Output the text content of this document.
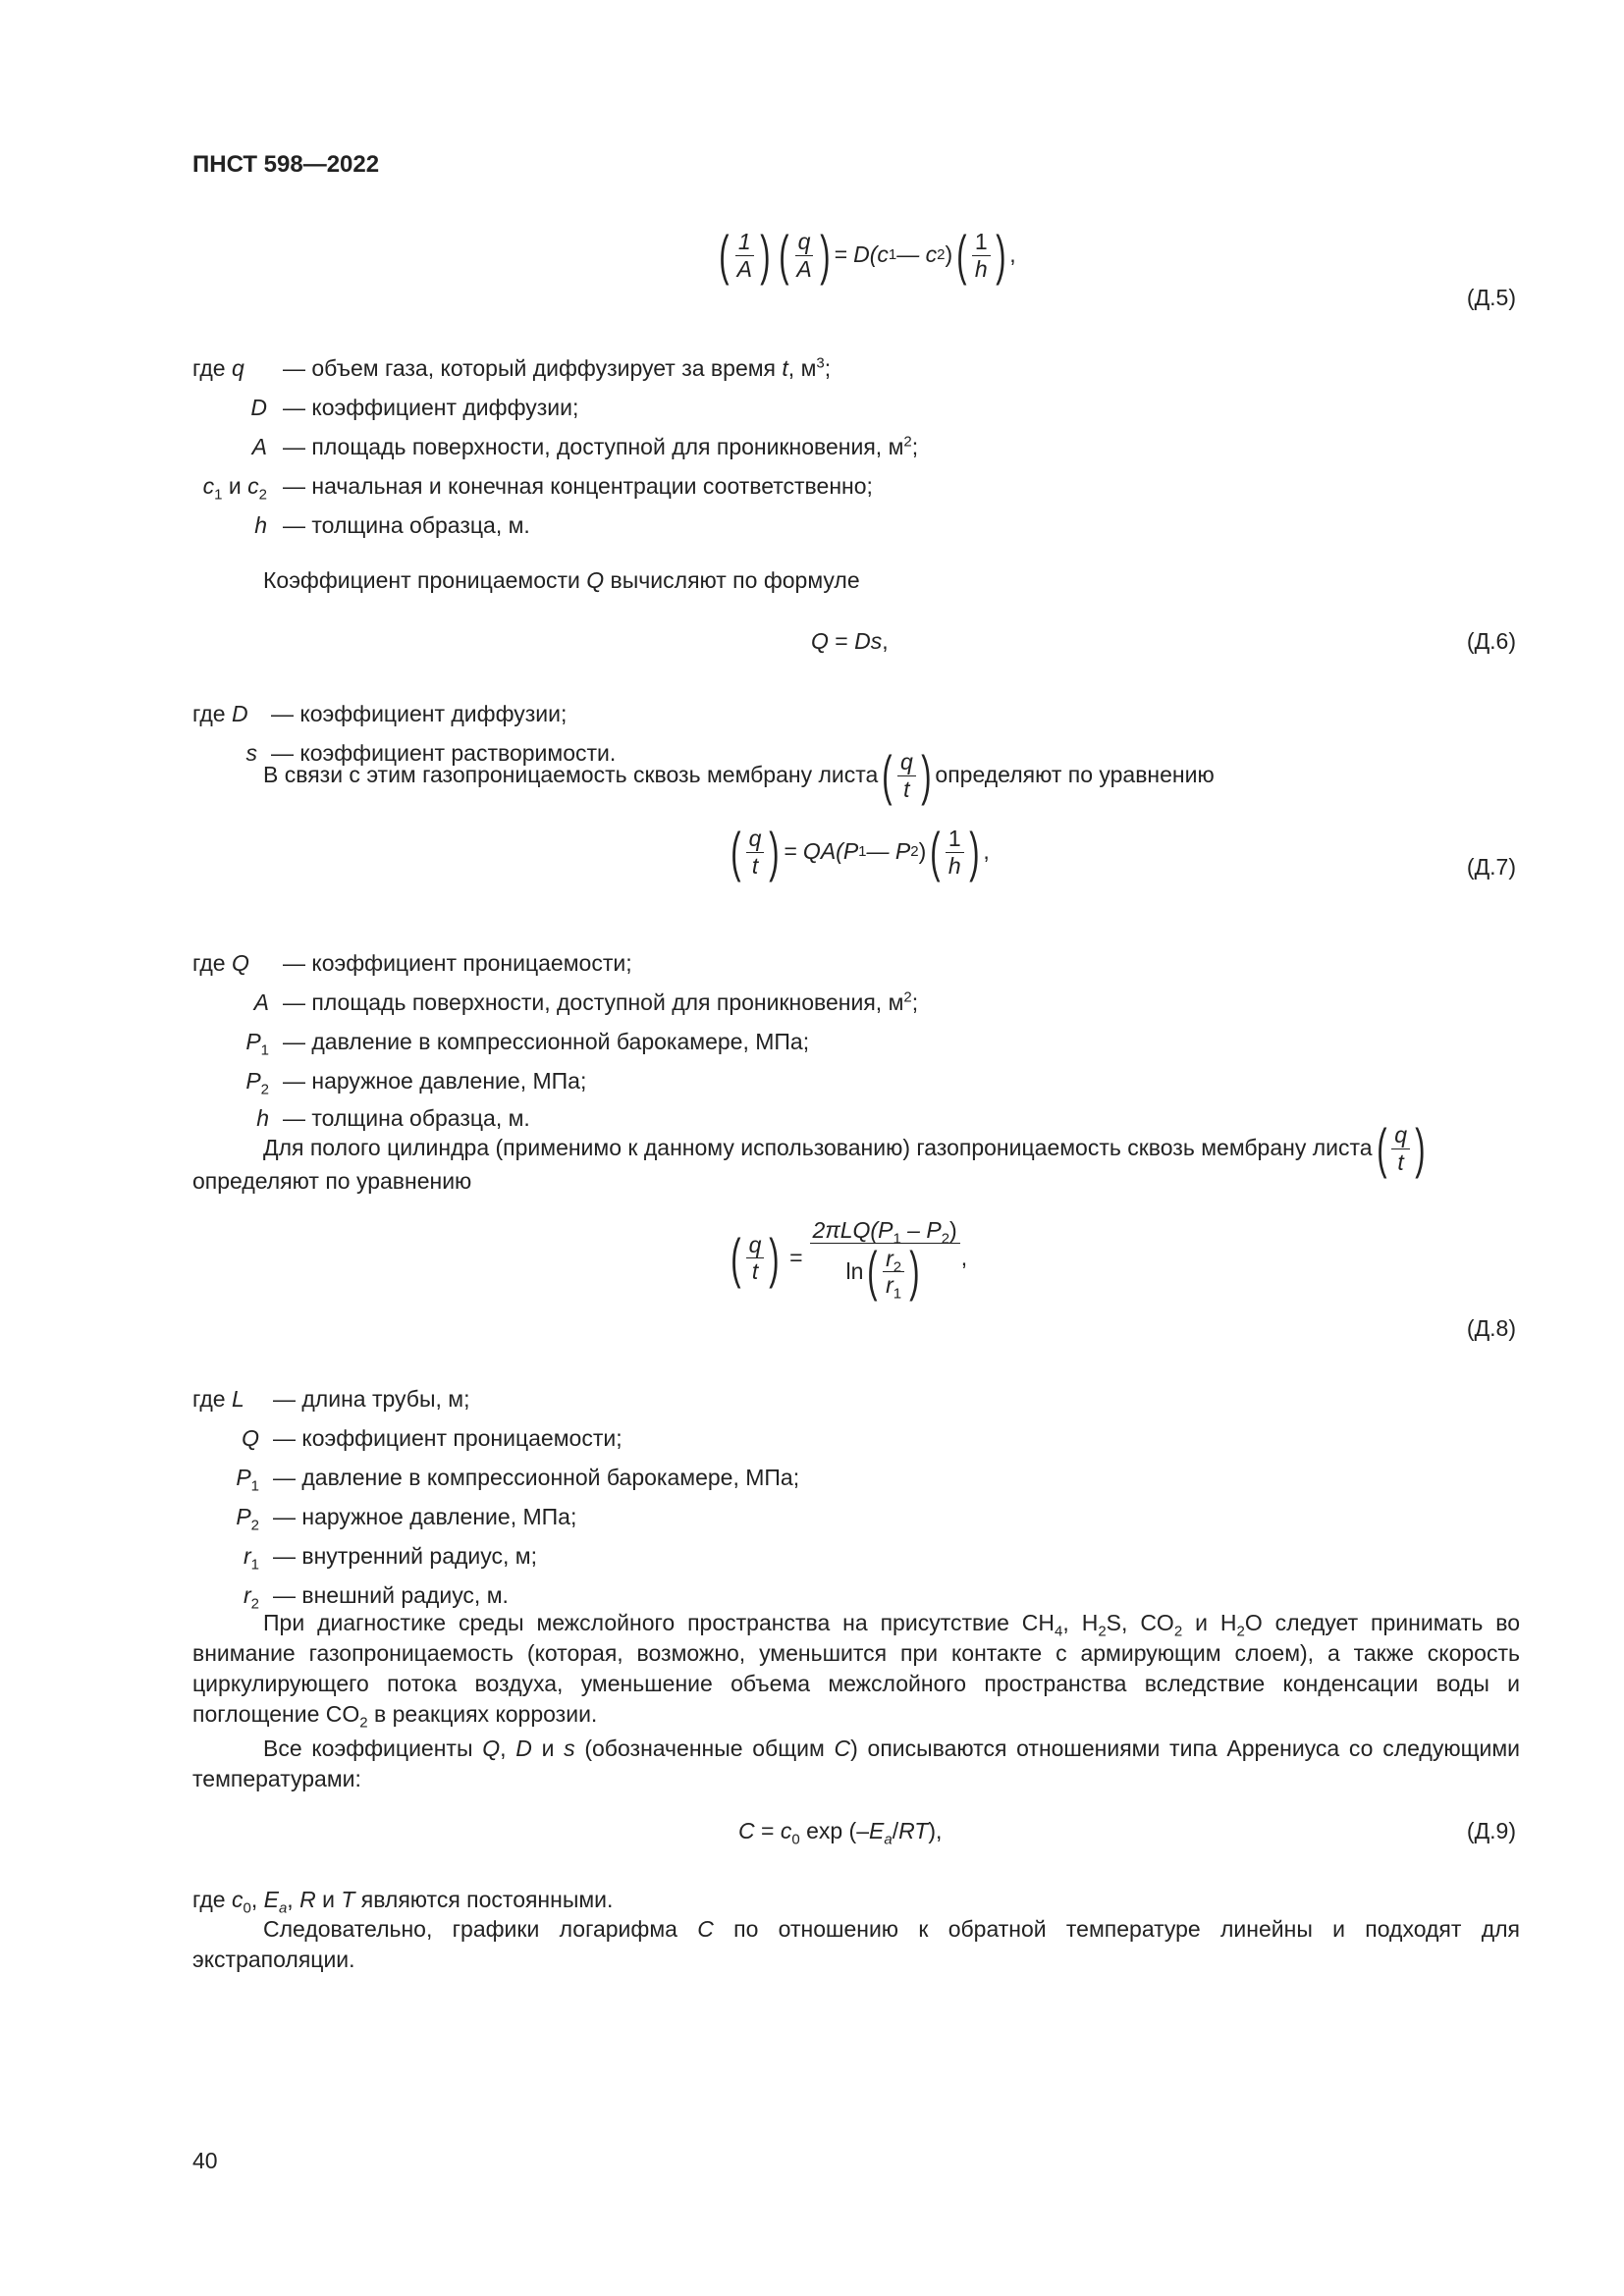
ПНСТ 598—2022
( $\frac{1}{A}$ ) ( $\frac{q}{A}$ ) = D(c 1 — c 2 ) ( $\frac{1}{h}$ ) ,
(Д.5)
где q — объем газа, который диффузирует за время t, $м^3$;
D — коэффициент диффузии;
A — площадь поверхности, доступной для проникновения, $м^2$;
$c_1$ и $c_2$ — начальная и конечная концентрации соответственно;
h — толщина образца, м.
Коэффициент проницаемости Q вычисляют по формуле
Q = Ds,	(Д.6)
где D — коэффициент диффузии;
s — коэффициент растворимости.
В связи с этим газопроницаемость сквозь мембрану листа ( $\frac{q}{t}$ ) определяют по уравнению
( $\frac{q}{t}$ ) = QA(P 1 — P 2 ) ( $\frac{1}{h}$ ) ,
(Д.7)
где Q — коэффициент проницаемости;
A — площадь поверхности, доступной для проникновения, $м^2$;
$P_1$ — давление в компрессионной барокамере, МПа;
$P_2$ — наружное давление, МПа;
h — толщина образца, м.
Для полого цилиндра (применимо к данному использованию) газопроницаемость сквозь мембрану листа ( $\frac{q}{t}$ )
определяют по уравнению
( $\frac{q}{t}$ ) = $\frac{2\pi LQ(P_1 - P_2)}{\ln ( \frac{r_2}{r_1} )}$ ,
(Д.8)
где L — длина трубы, м;
Q — коэффициент проницаемости;
$P_1$ — давление в компрессионной барокамере, МПа;
$P_2$ — наружное давление, МПа;
$r_1$ — внутренний радиус, м;
$r_2$ — внешний радиус, м.
При диагностике среды межслойного пространства на присутствие $CH_4$, $H_2S$, $CO_2$ и $H_2O$ следует принимать во внимание газопроницаемость (которая, возможно, уменьшится при контакте с армирующим слоем), а также скорость циркулирующего потока воздуха, уменьшение объема межслойного пространства вследствие конденсации воды и поглощение $CO_2$ в реакциях коррозии.
Все коэффициенты Q, D и s (обозначенные общим C) описываются отношениями типа Аррениуса со следующими температурами:
$C = c_0$ $\exp (-E_a/RT)$,	(Д.9)
где $c_0$, $E_a$, R и T являются постоянными.
Следовательно, графики логарифма C по отношению к обратной температуре линейны и подходят для экстраполяции.
40
